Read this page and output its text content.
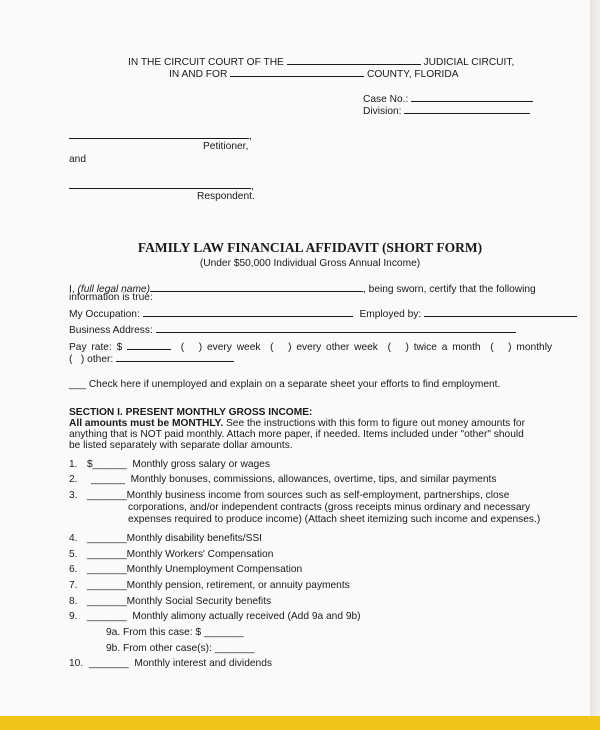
IN THE CIRCUIT COURT OF THE	JUDICIAL CIRCUIT,
IN AND FOR	COUNTY, FLORIDA
Case No.:
Division:
,
Petitioner,
and
,
Respondent.
FAMILY LAW FINANCIAL AFFIDAVIT (SHORT FORM)
(Under $50,000 Individual Gross Annual Income)
I, (full legal name)	, being sworn, certify that the following
information is true:
My Occupation:	Employed by:
Business Address:
Pay rate: $	( ) every week ( ) every other week ( ) twice a month ( ) monthly
( ) other:
___ Check here if unemployed and explain on a separate sheet your efforts to find employment.
SECTION I. PRESENT MONTHLY GROSS INCOME:
All amounts must be MONTHLY. See the instructions with this form to figure out money amounts for
anything that is NOT paid monthly. Attach more paper, if needed. Items included under "other" should
be listed separately with separate dollar amounts.
1. $______ Monthly gross salary or wages
2. ______ Monthly bonuses, commissions, allowances, overtime, tips, and similar payments
3. _______Monthly business income from sources such as self-employment, partnerships, close
corporations, and/or independent contracts (gross receipts minus ordinary and necessary
expenses required to produce income) (Attach sheet itemizing such income and expenses.)
4. _______Monthly disability benefits/SSI
5. _______Monthly Workers' Compensation
6. _______Monthly Unemployment Compensation
7. _______Monthly pension, retirement, or annuity payments
8. _______Monthly Social Security benefits
9. _______ Monthly alimony actually received (Add 9a and 9b)
9a. From this case: $ _______
9b. From other case(s): _______
10. _______ Monthly interest and dividends
